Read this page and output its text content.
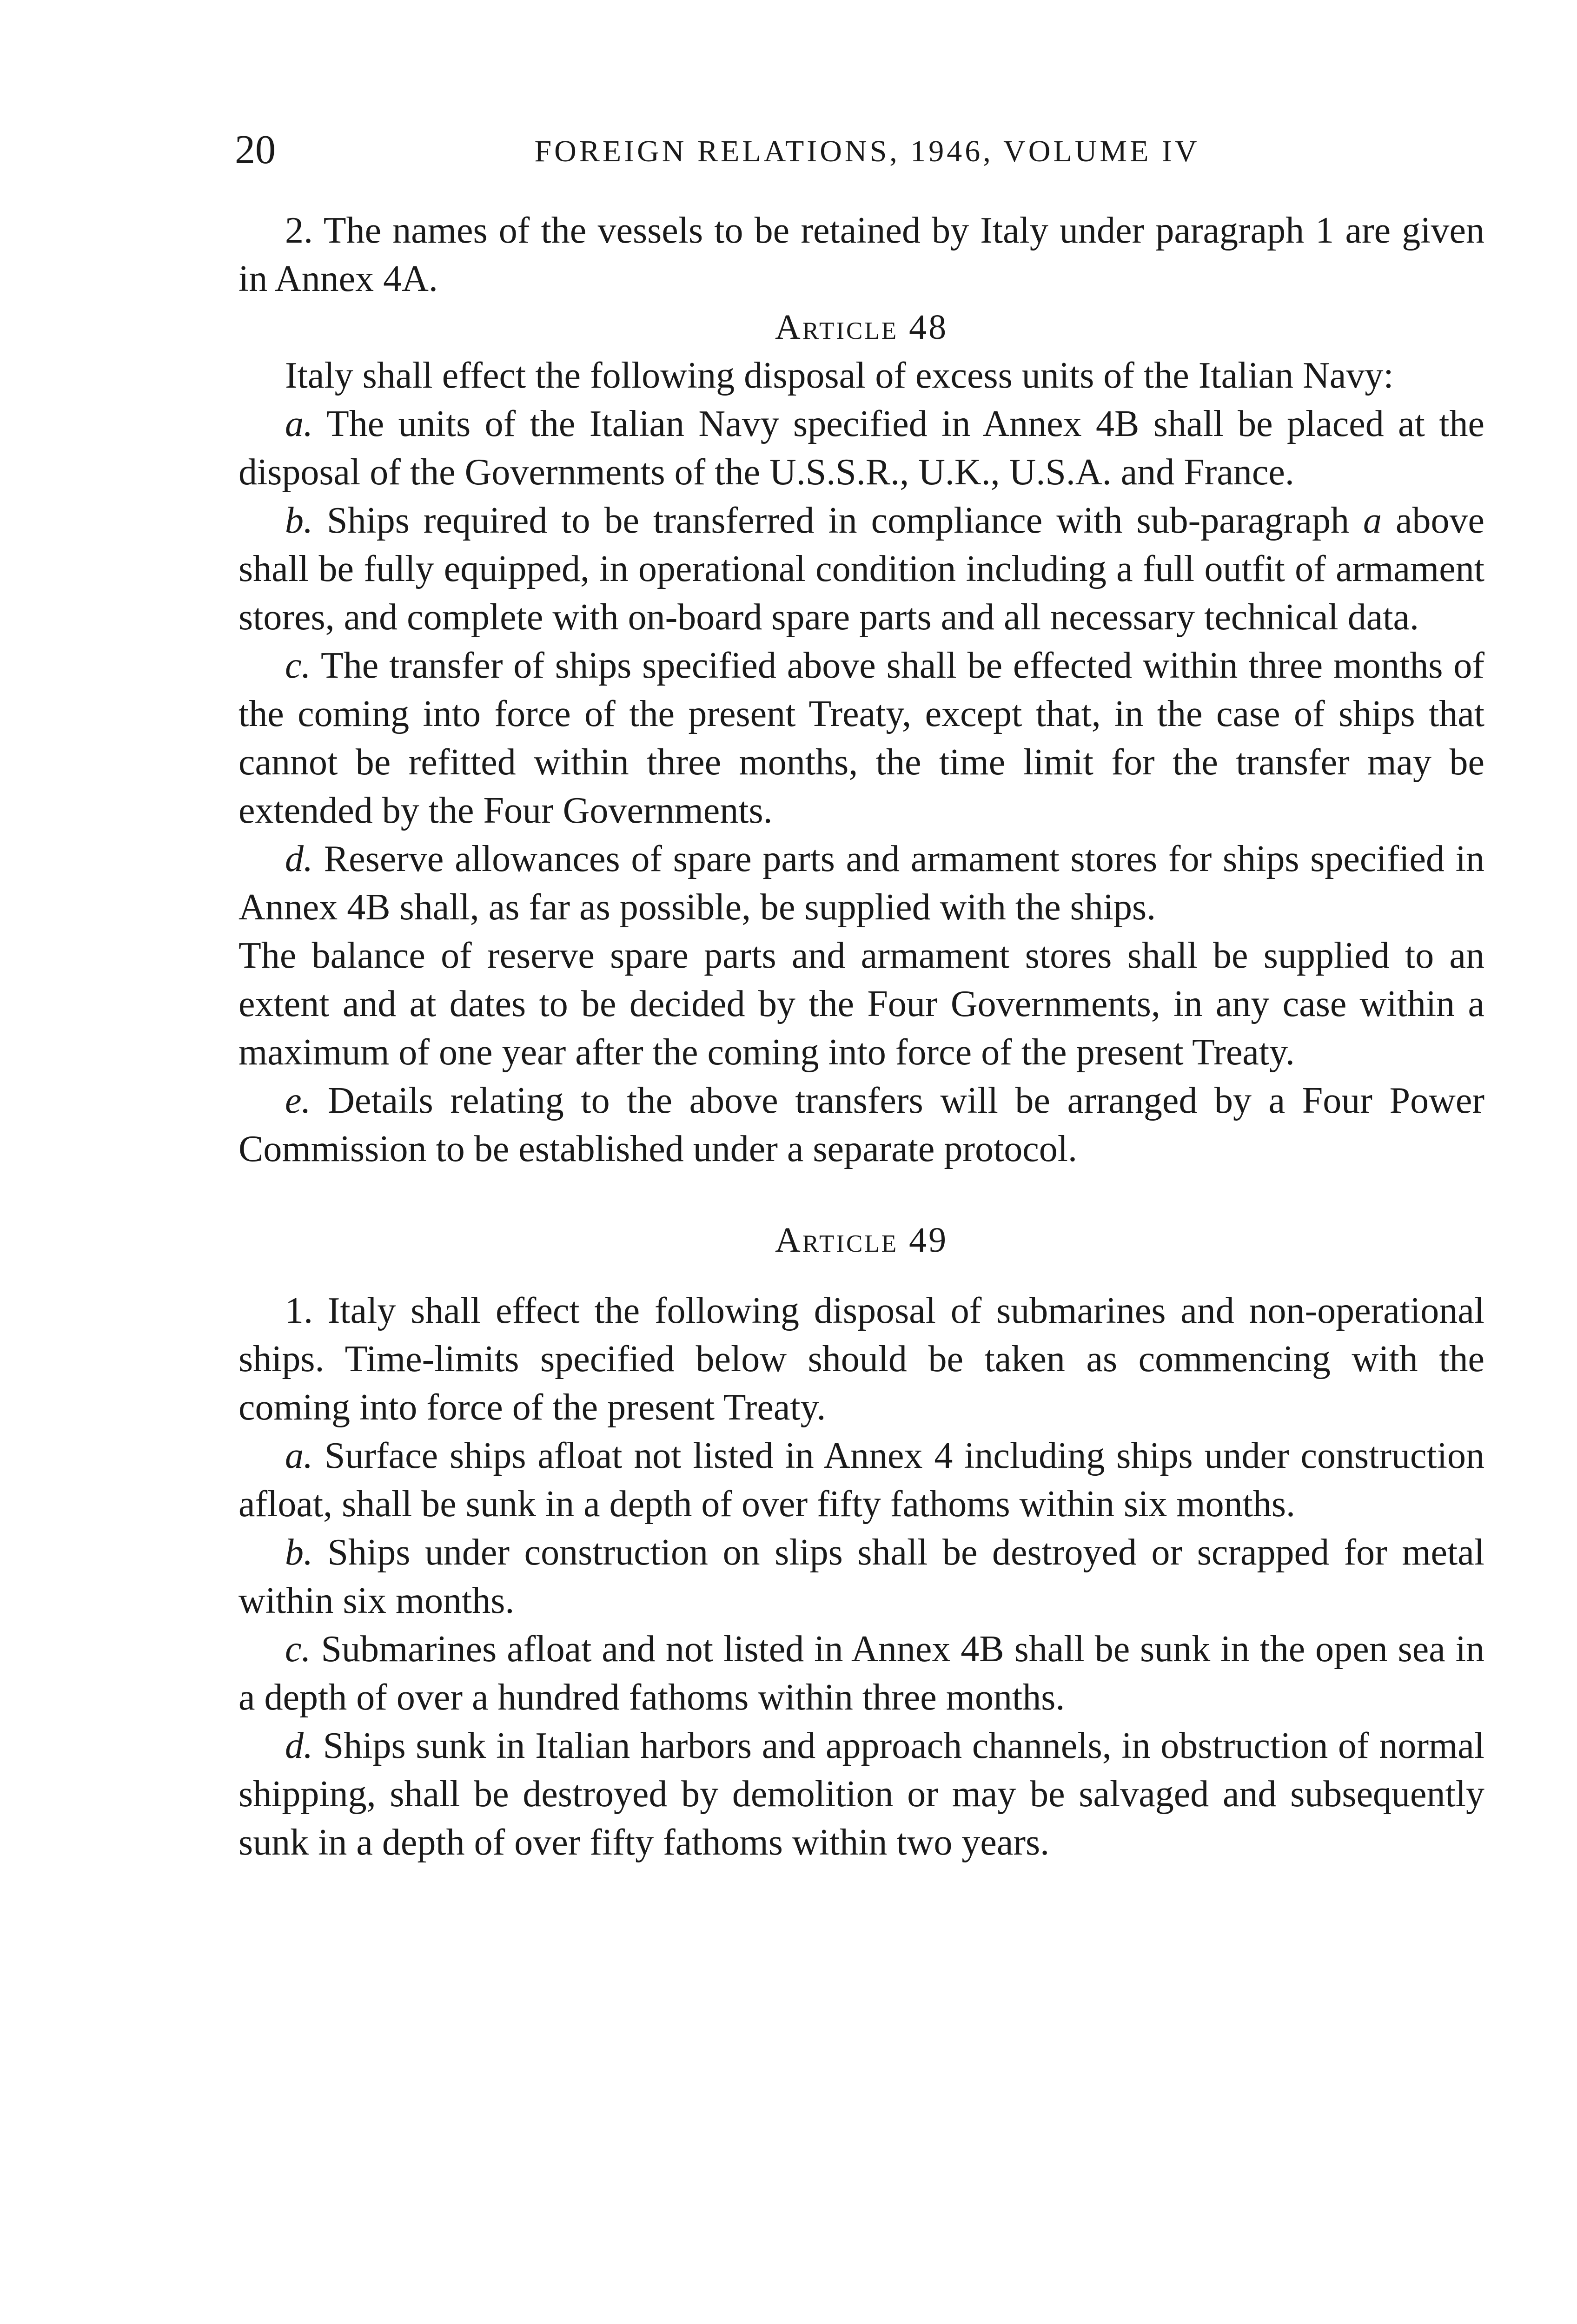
20	FOREIGN RELATIONS, 1946, VOLUME IV

2. The names of the vessels to be retained by Italy under paragraph 1 are given in Annex 4A.

Article 48

Italy shall effect the following disposal of excess units of the Italian Navy:

a. The units of the Italian Navy specified in Annex 4B shall be placed at the disposal of the Governments of the U.S.S.R., U.K., U.S.A. and France.

b. Ships required to be transferred in compliance with sub-paragraph a above shall be fully equipped, in operational condition including a full outfit of armament stores, and complete with on-board spare parts and all necessary technical data.

c. The transfer of ships specified above shall be effected within three months of the coming into force of the present Treaty, except that, in the case of ships that cannot be refitted within three months, the time limit for the transfer may be extended by the Four Governments.

d. Reserve allowances of spare parts and armament stores for ships specified in Annex 4B shall, as far as possible, be supplied with the ships.

The balance of reserve spare parts and armament stores shall be supplied to an extent and at dates to be decided by the Four Governments, in any case within a maximum of one year after the coming into force of the present Treaty.

e. Details relating to the above transfers will be arranged by a Four Power Commission to be established under a separate protocol.

Article 49

1. Italy shall effect the following disposal of submarines and non-operational ships. Time-limits specified below should be taken as commencing with the coming into force of the present Treaty.

a. Surface ships afloat not listed in Annex 4 including ships under construction afloat, shall be sunk in a depth of over fifty fathoms within six months.

b. Ships under construction on slips shall be destroyed or scrapped for metal within six months.

c. Submarines afloat and not listed in Annex 4B shall be sunk in the open sea in a depth of over a hundred fathoms within three months.

d. Ships sunk in Italian harbors and approach channels, in obstruction of normal shipping, shall be destroyed by demolition or may be salvaged and subsequently sunk in a depth of over fifty fathoms within two years.
